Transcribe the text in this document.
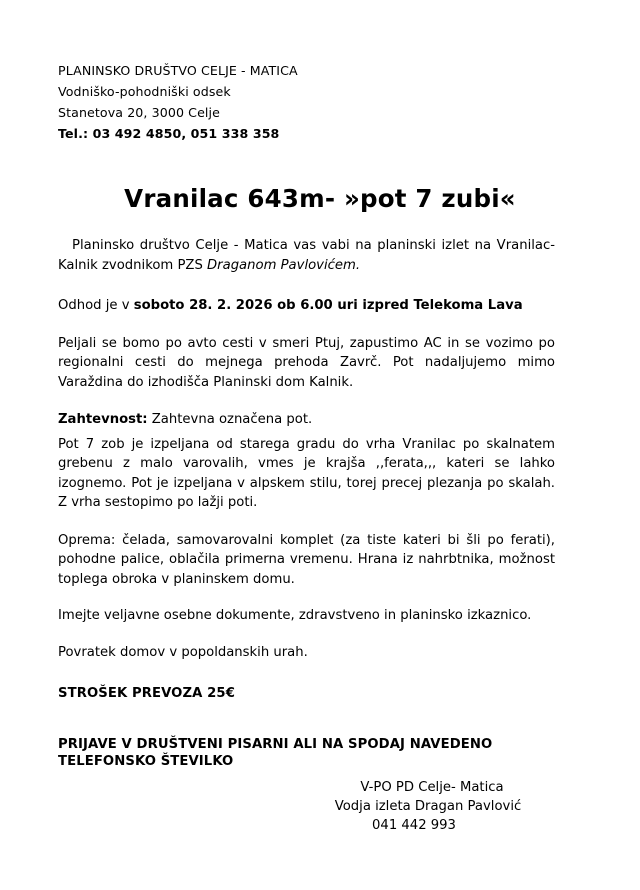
PLANINSKO DRUŠTVO CELJE - MATICA
Vodniško-pohodniški odsek
Stanetova 20, 3000 Celje
Tel.: 03 492 4850, 051 338 358
Vranilac 643m- »pot 7 zubi«

Planinsko društvo Celje - Matica vas vabi na planinski izlet na Vranilac-Kalnik zvodnikom PZS Draganom Pavlovićem.

Odhod je v soboto 28. 2. 2026 ob 6.00 uri izpred Telekoma Lava

Peljali se bomo po avto cesti v smeri Ptuj, zapustimo AC in se vozimo po regionalni cesti do mejnega prehoda Zavrč. Pot nadaljujemo mimo Varaždina do izhodišča Planinski dom Kalnik.

Zahtevnost: Zahtevna označena pot.

Pot 7 zob je izpeljana od starega gradu do vrha Vranilac po skalnatem grebenu z malo varovalih, vmes je krajša ,,ferata,,, kateri se lahko izognemo. Pot je izpeljana v alpskem stilu, torej precej plezanja po skalah. Z vrha sestopimo po lažji poti.

Oprema: čelada, samovarovalni komplet (za tiste kateri bi šli po ferati), pohodne palice, oblačila primerna vremenu. Hrana iz nahrbtnika, možnost toplega obroka v planinskem domu.

Imejte veljavne osebne dokumente, zdravstveno in planinsko izkaznico.

Povratek domov v popoldanskih urah.

STROŠEK PREVOZA 25€
PRIJAVE V DRUŠTVENI PISARNI ALI NA SPODAJ NAVEDENO
TELEFONSKO ŠTEVILKO
V-PO PD Celje- Matica
Vodja izleta Dragan Pavlović
041 442 993
